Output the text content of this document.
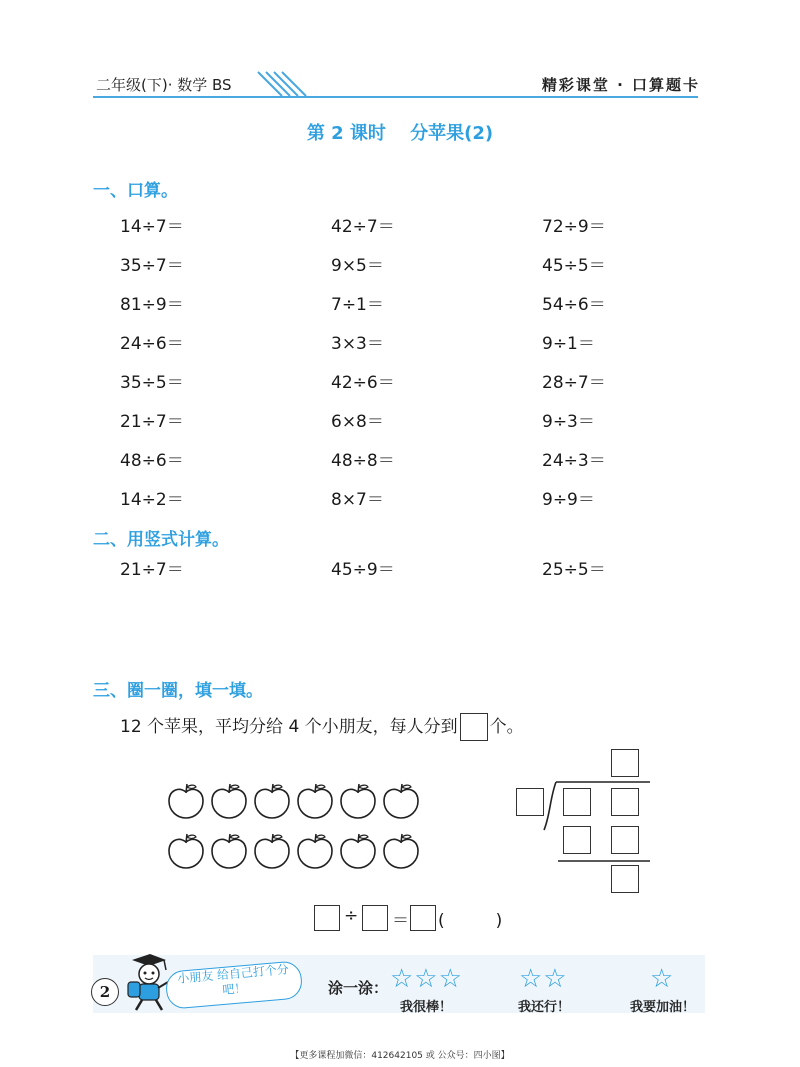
二年级(下)· 数学 BS	精彩课堂 · 口算题卡
第 2 课时　 分苹果(2)
一、口算。
14÷7＝	42÷7＝	72÷9＝
35÷7＝	9×5＝	45÷5＝
81÷9＝	7÷1＝	54÷6＝
24÷6＝	3×3＝	9÷1＝
35÷5＝	42÷6＝	28÷7＝
21÷7＝	6×8＝	9÷3＝
48÷6＝	48÷8＝	24÷3＝
14÷2＝	8×7＝	9÷9＝
二、用竖式计算。
21÷7＝	45÷9＝	25÷5＝
三、圈一圈，填一填。
12 个苹果，平均分给 4 个小朋友，每人分到 个。
÷ ＝ (　　　)
2
小朋友 给自己打个分吧！	涂一涂： ☆☆☆
我很棒！
☆☆
我还行！
☆
我要加油！
【更多课程加微信：412642105 或 公众号：四小图】
